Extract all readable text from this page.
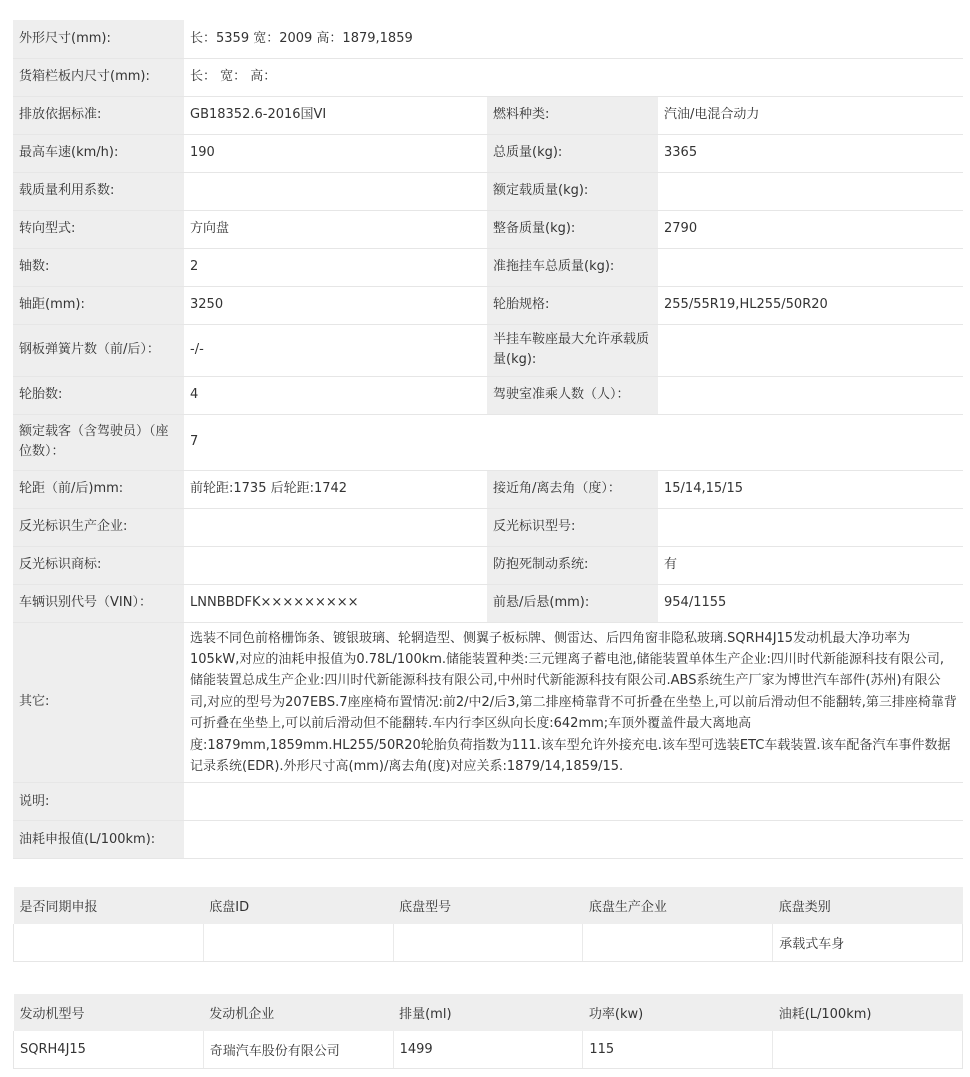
外形尺寸(mm):	长：5359 宽：2009 高：1879,1859		
货箱栏板内尺寸(mm):	长： 宽： 高：		
排放依据标准:	GB18352.6-2016国VI	燃料种类:	汽油/电混合动力
最高车速(km/h):	190	总质量(kg):	3365
载质量利用系数:		额定载质量(kg):	
转向型式:	方向盘	整备质量(kg):	2790
轴数:	2	准拖挂车总质量(kg):	
轴距(mm):	3250	轮胎规格:	255/55R19,HL255/50R20
钢板弹簧片数（前/后）：	-/-	半挂车鞍座最大允许承载质量(kg):	
轮胎数:	4	驾驶室准乘人数（人）：	
额定载客（含驾驶员）（座位数）：	7		
轮距（前/后)mm:	前轮距:1735 后轮距:1742	接近角/离去角（度）：	15/14,15/15
反光标识生产企业:		反光标识型号:	
反光标识商标:		防抱死制动系统:	有
车辆识别代号（VIN）：	LNNBBDFK×××××××××	前悬/后悬(mm):	954/1155
其它:	选装不同色前格栅饰条、镀银玻璃、轮辋造型、侧翼子板标牌、侧雷达、后四角窗非隐私玻璃.SQRH4J15发动机最大净功率为105kW,对应的油耗申报值为0.78L/100km.储能装置种类:三元锂离子蓄电池,储能装置单体生产企业:四川时代新能源科技有限公司,储能装置总成生产企业:四川时代新能源科技有限公司,中州时代新能源科技有限公司.ABS系统生产厂家为博世汽车部件(苏州)有限公司,对应的型号为207EBS.7座座椅布置情况:前2/中2/后3,第二排座椅靠背不可折叠在坐垫上,可以前后滑动但不能翻转,第三排座椅靠背可折叠在坐垫上,可以前后滑动但不能翻转.车内行李区纵向长度:642mm;车顶外覆盖件最大离地高度:1879mm,1859mm.HL255/50R20轮胎负荷指数为111.该车型允许外接充电.该车型可选装ETC车载装置.该车配备汽车事件数据记录系统(EDR).外形尺寸高(mm)/离去角(度)对应关系:1879/14,1859/15.		
说明:			
油耗申报值(L/100km):			
是否同期申报	底盘ID	底盘型号	底盘生产企业	底盘类别
				承载式车身
发动机型号	发动机企业	排量(ml)	功率(kw)	油耗(L/100km)
SQRH4J15	奇瑞汽车股份有限公司	1499	115	
